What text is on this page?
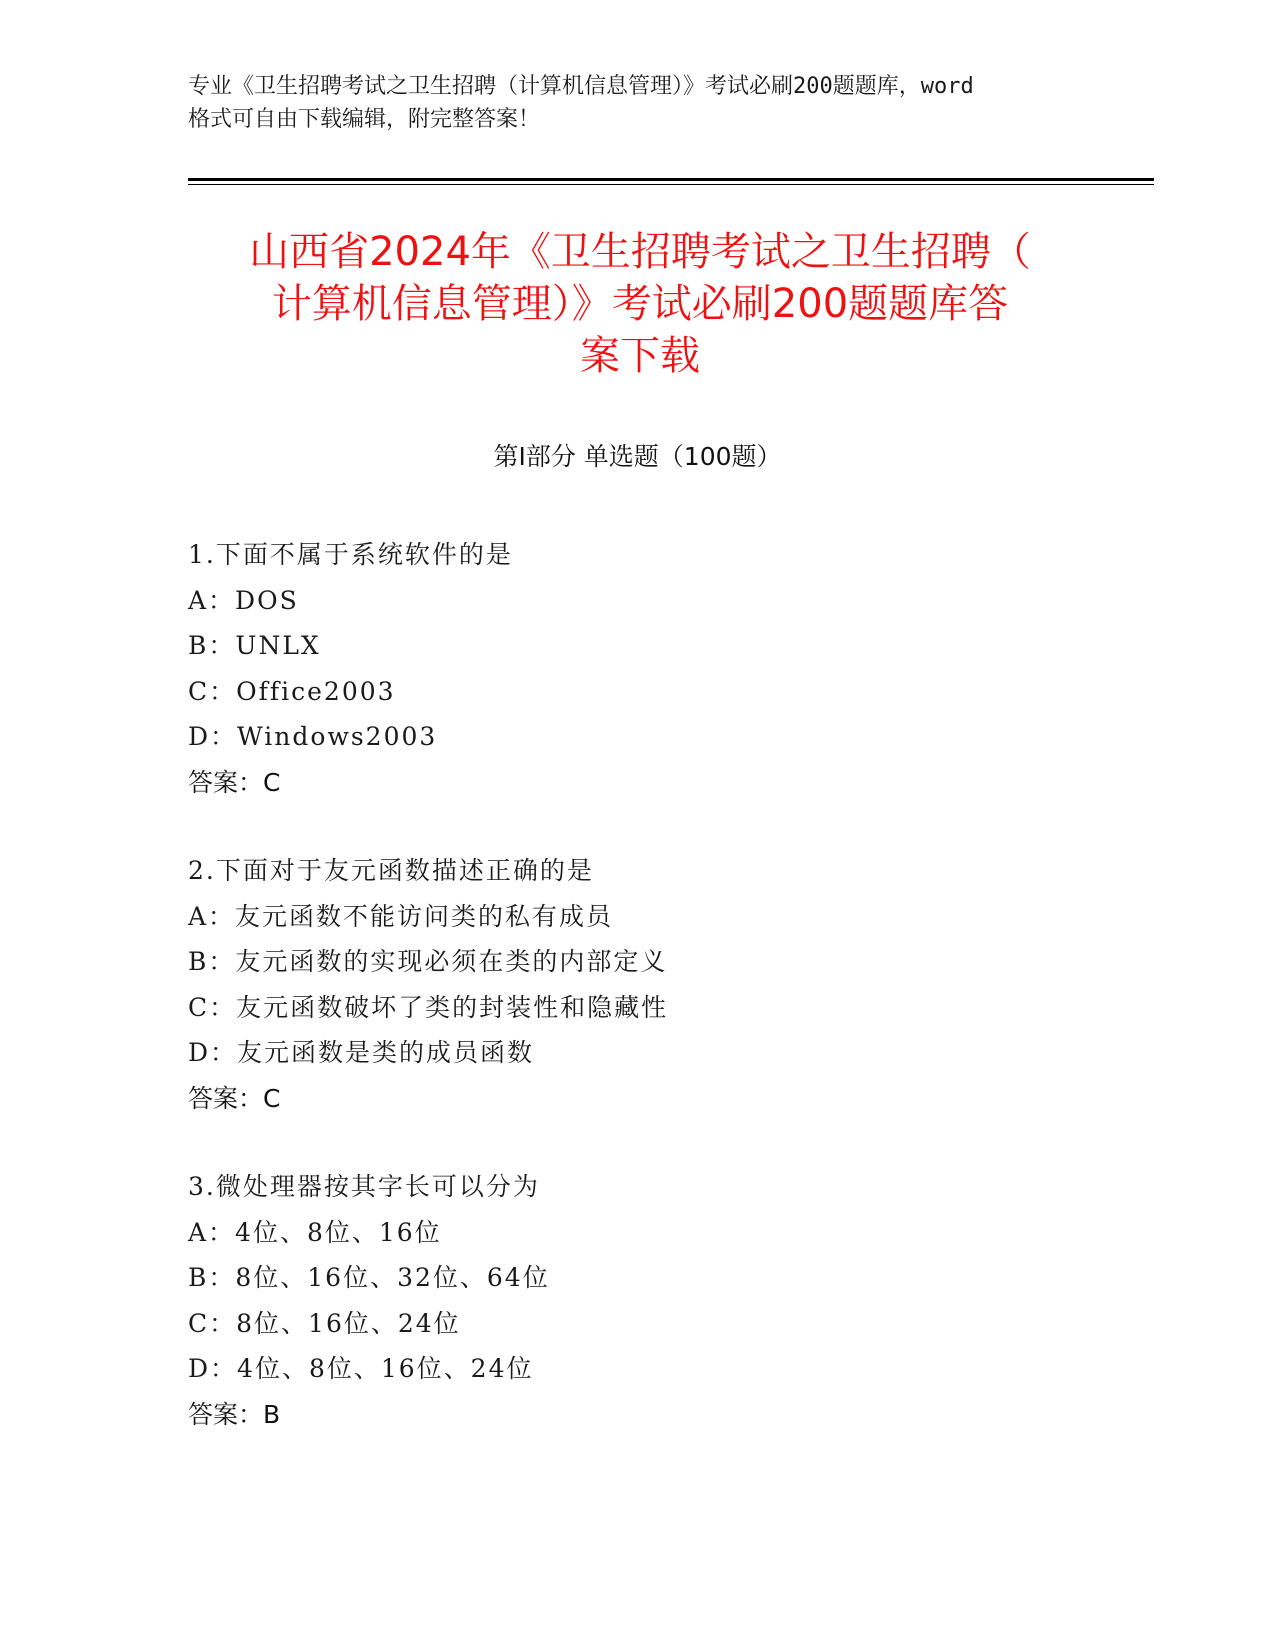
专业《卫生招聘考试之卫生招聘（计算机信息管理）》考试必刷200题题库，word
格式可自由下载编辑，附完整答案！
山西省2024年《卫生招聘考试之卫生招聘（
计算机信息管理）》考试必刷200题题库答
案下载
第Ⅰ部分 单选题（100题）
1.下面不属于系统软件的是
A：DOS
B：UNLX
C：Office2003
D：Windows2003
答案：C
2.下面对于友元函数描述正确的是
A：友元函数不能访问类的私有成员
B：友元函数的实现必须在类的内部定义
C：友元函数破坏了类的封装性和隐藏性
D：友元函数是类的成员函数
答案：C
3.微处理器按其字长可以分为
A：4位、8位、16位
B：8位、16位、32位、64位
C：8位、16位、24位
D：4位、8位、16位、24位
答案：B
